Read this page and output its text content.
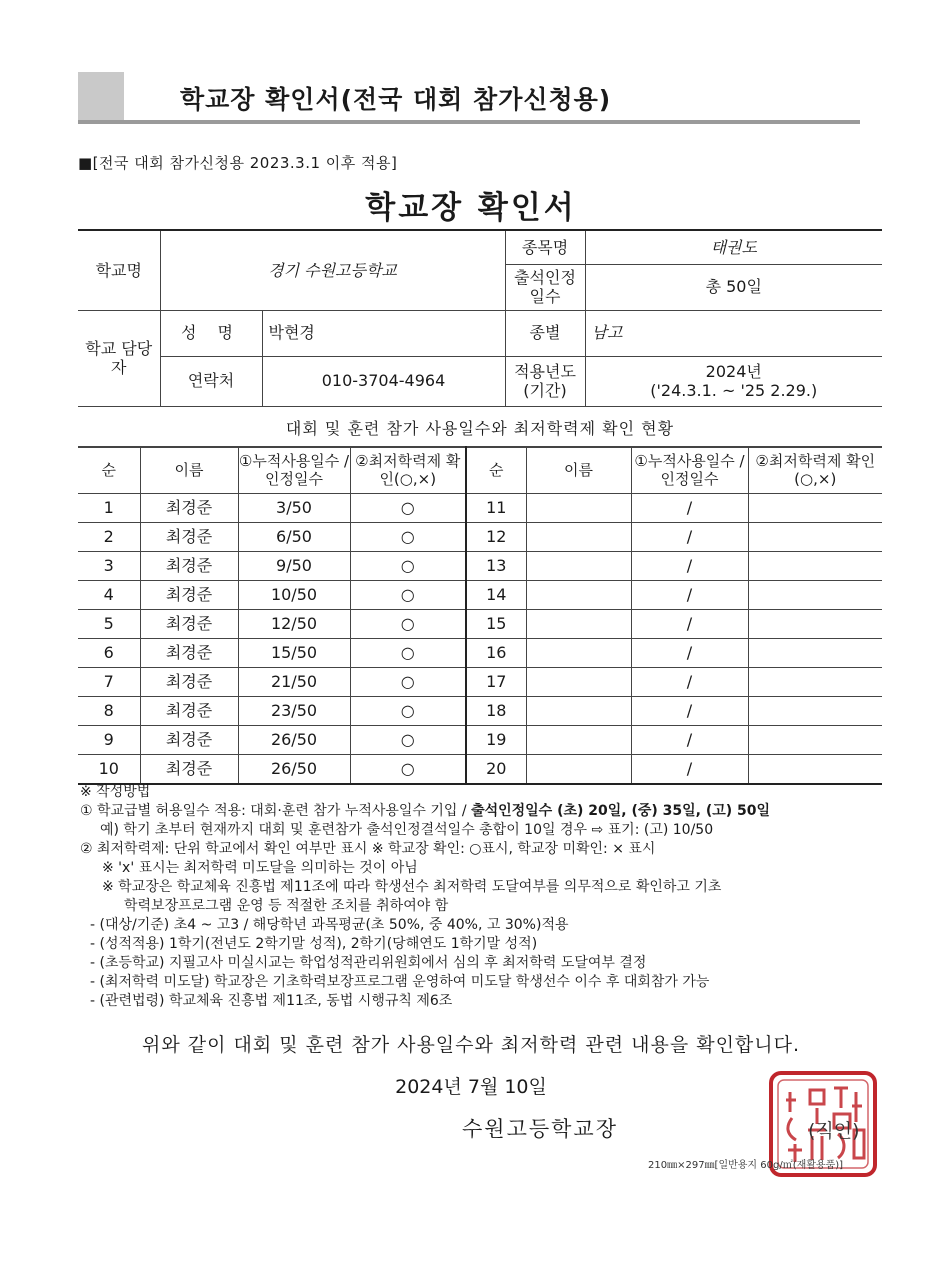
학교장 확인서(전국 대회 참가신청용)
■[전국 대회 참가신청용 2023.3.1 이후 적용]
학교장 확인서
학교명	경기 수원고등학교		종목명	태권도
			출석인정 일수	총 50일
학교 담당자	성 명	박현경	종별	남고
	연락처	010-3704-4964	적용년도 (기간)	2024년
('24.3.1. ~ '25 2.29.)
대회 및 훈련 참가 사용일수와 최저학력제 확인 현황
순	이름	①누적사용일수 /인정일수	②최저학력제 확인(○,×)	순	이름	①누적사용일수 /인정일수	②최저학력제 확인(○,×)
1	최경준	3/50	○	11		/	
2	최경준	6/50	○	12		/	
3	최경준	9/50	○	13		/	
4	최경준	10/50	○	14		/	
5	최경준	12/50	○	15		/	
6	최경준	15/50	○	16		/	
7	최경준	21/50	○	17		/	
8	최경준	23/50	○	18		/	
9	최경준	26/50	○	19		/	
10	최경준	26/50	○	20		/	
※ 작성방법
① 학교급별 허용일수 적용: 대회·훈련 참가 누적사용일수 기입 / 출석인정일수 (초) 20일, (중) 35일, (고) 50일
예) 학기 초부터 현재까지 대회 및 훈련참가 출석인정결석일수 총합이 10일 경우 ⇨ 표기: (고) 10/50
② 최저학력제: 단위 학교에서 확인 여부만 표시 ※ 학교장 확인: ○표시, 학교장 미확인: × 표시
※ 'x' 표시는 최저학력 미도달을 의미하는 것이 아님
※ 학교장은 학교체육 진흥법 제11조에 따라 학생선수 최저학력 도달여부를 의무적으로 확인하고 기초
학력보장프로그램 운영 등 적절한 조치를 취하여야 함
- (대상/기준) 초4 ~ 고3 / 해당학년 과목평균(초 50%, 중 40%, 고 30%)적용
- (성적적용) 1학기(전년도 2학기말 성적), 2학기(당해연도 1학기말 성적)
- (초등학교) 지필고사 미실시교는 학업성적관리위원회에서 심의 후 최저학력 도달여부 결정
- (최저학력 미도달) 학교장은 기초학력보장프로그램 운영하여 미도달 학생선수 이수 후 대회참가 가능
- (관련법령) 학교체육 진흥법 제11조, 동법 시행규칙 제6조
위와 같이 대회 및 훈련 참가 사용일수와 최저학력 관련 내용을 확인합니다.
2024년 7월 10일
수원고등학교장	(직인)
210㎜×297㎜[일반용지 60g/㎡(재활용품)]
